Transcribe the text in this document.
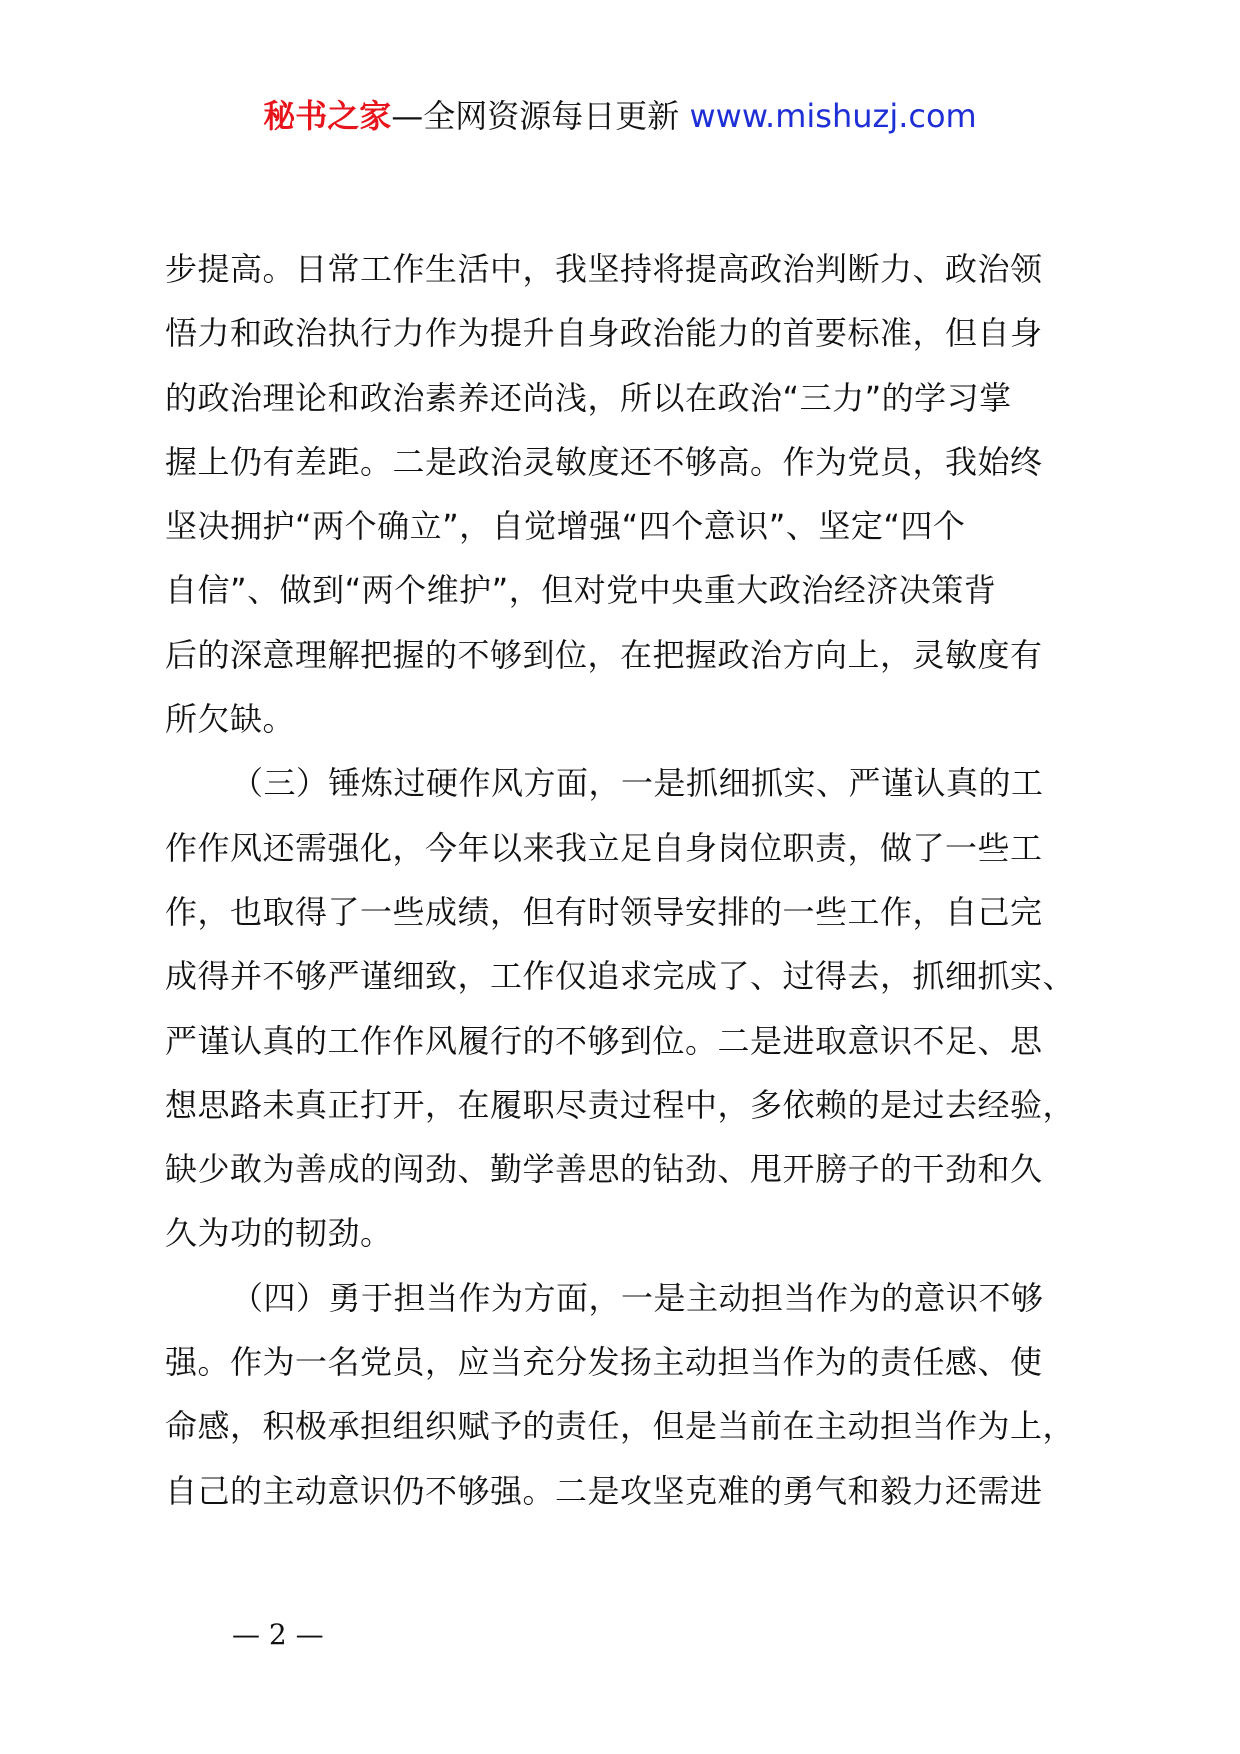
秘书之家—全网资源每日更新 www.mishuzj.com
步提高。日常工作生活中，我坚持将提高政治判断力、政治领
悟力和政治执行力作为提升自身政治能力的首要标准，但自身
的政治理论和政治素养还尚浅，所以在政治“三力”的学习掌
握上仍有差距。二是政治灵敏度还不够高。作为党员，我始终
坚决拥护“两个确立”，自觉增强“四个意识”、坚定“四个
自信”、做到“两个维护”，但对党中央重大政治经济决策背
后的深意理解把握的不够到位，在把握政治方向上，灵敏度有
所欠缺。
（三）锤炼过硬作风方面，一是抓细抓实、严谨认真的工
作作风还需强化，今年以来我立足自身岗位职责，做了一些工
作，也取得了一些成绩，但有时领导安排的一些工作，自己完
成得并不够严谨细致，工作仅追求完成了、过得去，抓细抓实、
严谨认真的工作作风履行的不够到位。二是进取意识不足、思
想思路未真正打开，在履职尽责过程中，多依赖的是过去经验，
缺少敢为善成的闯劲、勤学善思的钻劲、甩开膀子的干劲和久
久为功的韧劲。
（四）勇于担当作为方面，一是主动担当作为的意识不够
强。作为一名党员，应当充分发扬主动担当作为的责任感、使
命感，积极承担组织赋予的责任，但是当前在主动担当作为上，
自己的主动意识仍不够强。二是攻坚克难的勇气和毅力还需进
— 2 —
